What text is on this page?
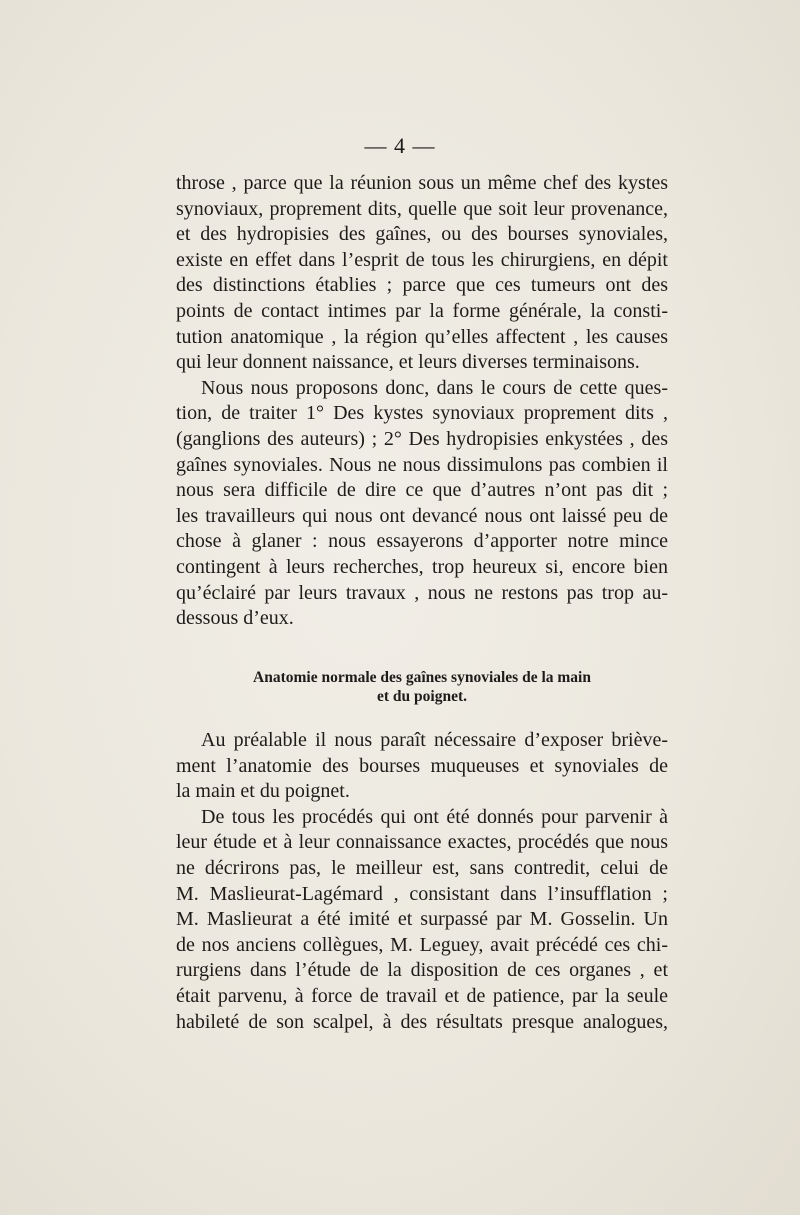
— 4 —
throse , parce que la réunion sous un même chef des kystes
synoviaux, proprement dits, quelle que soit leur provenance,
et des hydropisies des gaînes, ou des bourses synoviales,
existe en effet dans l’esprit de tous les chirurgiens, en dépit
des distinctions établies ; parce que ces tumeurs ont des
points de contact intimes par la forme générale, la consti-
tution anatomique , la région qu’elles affectent , les causes
qui leur donnent naissance, et leurs diverses terminaisons.
Nous nous proposons donc, dans le cours de cette ques-
tion, de traiter 1° Des kystes synoviaux proprement dits ,
(ganglions des auteurs) ; 2° Des hydropisies enkystées , des
gaînes synoviales. Nous ne nous dissimulons pas combien il
nous sera difficile de dire ce que d’autres n’ont pas dit ;
les travailleurs qui nous ont devancé nous ont laissé peu de
chose à glaner : nous essayerons d’apporter notre mince
contingent à leurs recherches, trop heureux si, encore bien
qu’éclairé par leurs travaux , nous ne restons pas trop au-
dessous d’eux.
Anatomie normale des gaînes synoviales de la main
et du poignet.
Au préalable il nous paraît nécessaire d’exposer briève-
ment l’anatomie des bourses muqueuses et synoviales de
la main et du poignet.
De tous les procédés qui ont été donnés pour parvenir à
leur étude et à leur connaissance exactes, procédés que nous
ne décrirons pas, le meilleur est, sans contredit, celui de
M. Maslieurat-Lagémard , consistant dans l’insufflation ;
M. Maslieurat a été imité et surpassé par M. Gosselin. Un
de nos anciens collègues, M. Leguey, avait précédé ces chi-
rurgiens dans l’étude de la disposition de ces organes , et
était parvenu, à force de travail et de patience, par la seule
habileté de son scalpel, à des résultats presque analogues,
